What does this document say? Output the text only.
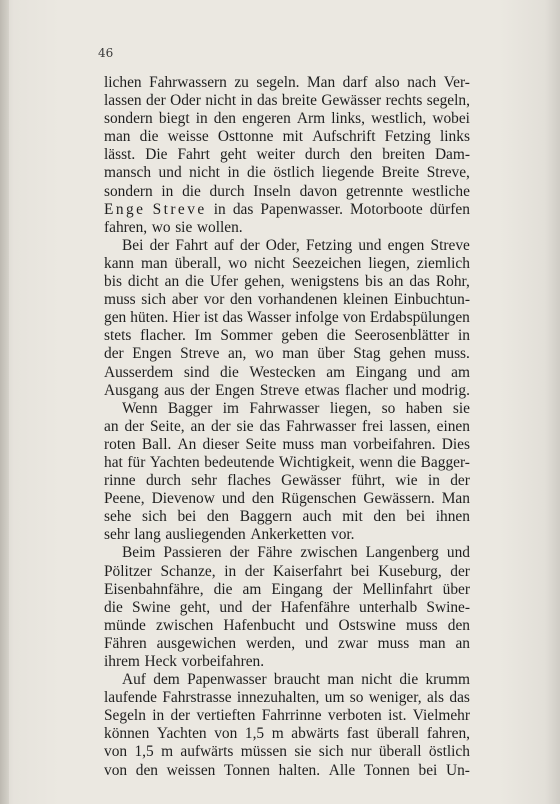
46
lichen Fahrwassern zu segeln. Man darf also nach Ver-
lassen der Oder nicht in das breite Gewässer rechts segeln,
sondern biegt in den engeren Arm links, westlich, wobei
man die weisse Osttonne mit Aufschrift Fetzing links
lässt. Die Fahrt geht weiter durch den breiten Dam-
mansch und nicht in die östlich liegende Breite Streve,
sondern in die durch Inseln davon getrennte westliche
Enge Streve in das Papenwasser. Motorboote dürfen
fahren, wo sie wollen.
Bei der Fahrt auf der Oder, Fetzing und engen Streve
kann man überall, wo nicht Seezeichen liegen, ziemlich
bis dicht an die Ufer gehen, wenigstens bis an das Rohr,
muss sich aber vor den vorhandenen kleinen Einbuchtun-
gen hüten. Hier ist das Wasser infolge von Erdabspülungen
stets flacher. Im Sommer geben die Seerosenblätter in
der Engen Streve an, wo man über Stag gehen muss.
Ausserdem sind die Westecken am Eingang und am
Ausgang aus der Engen Streve etwas flacher und modrig.
Wenn Bagger im Fahrwasser liegen, so haben sie
an der Seite, an der sie das Fahrwasser frei lassen, einen
roten Ball. An dieser Seite muss man vorbeifahren. Dies
hat für Yachten bedeutende Wichtigkeit, wenn die Bagger-
rinne durch sehr flaches Gewässer führt, wie in der
Peene, Dievenow und den Rügenschen Gewässern. Man
sehe sich bei den Baggern auch mit den bei ihnen
sehr lang ausliegenden Ankerketten vor.
Beim Passieren der Fähre zwischen Langenberg und
Pölitzer Schanze, in der Kaiserfahrt bei Kuseburg, der
Eisenbahnfähre, die am Eingang der Mellinfahrt über
die Swine geht, und der Hafenfähre unterhalb Swine-
münde zwischen Hafenbucht und Ostswine muss den
Fähren ausgewichen werden, und zwar muss man an
ihrem Heck vorbeifahren.
Auf dem Papenwasser braucht man nicht die krumm
laufende Fahrstrasse innezuhalten, um so weniger, als das
Segeln in der vertieften Fahrrinne verboten ist. Vielmehr
können Yachten von 1,5 m abwärts fast überall fahren,
von 1,5 m aufwärts müssen sie sich nur überall östlich
von den weissen Tonnen halten. Alle Tonnen bei Un-
